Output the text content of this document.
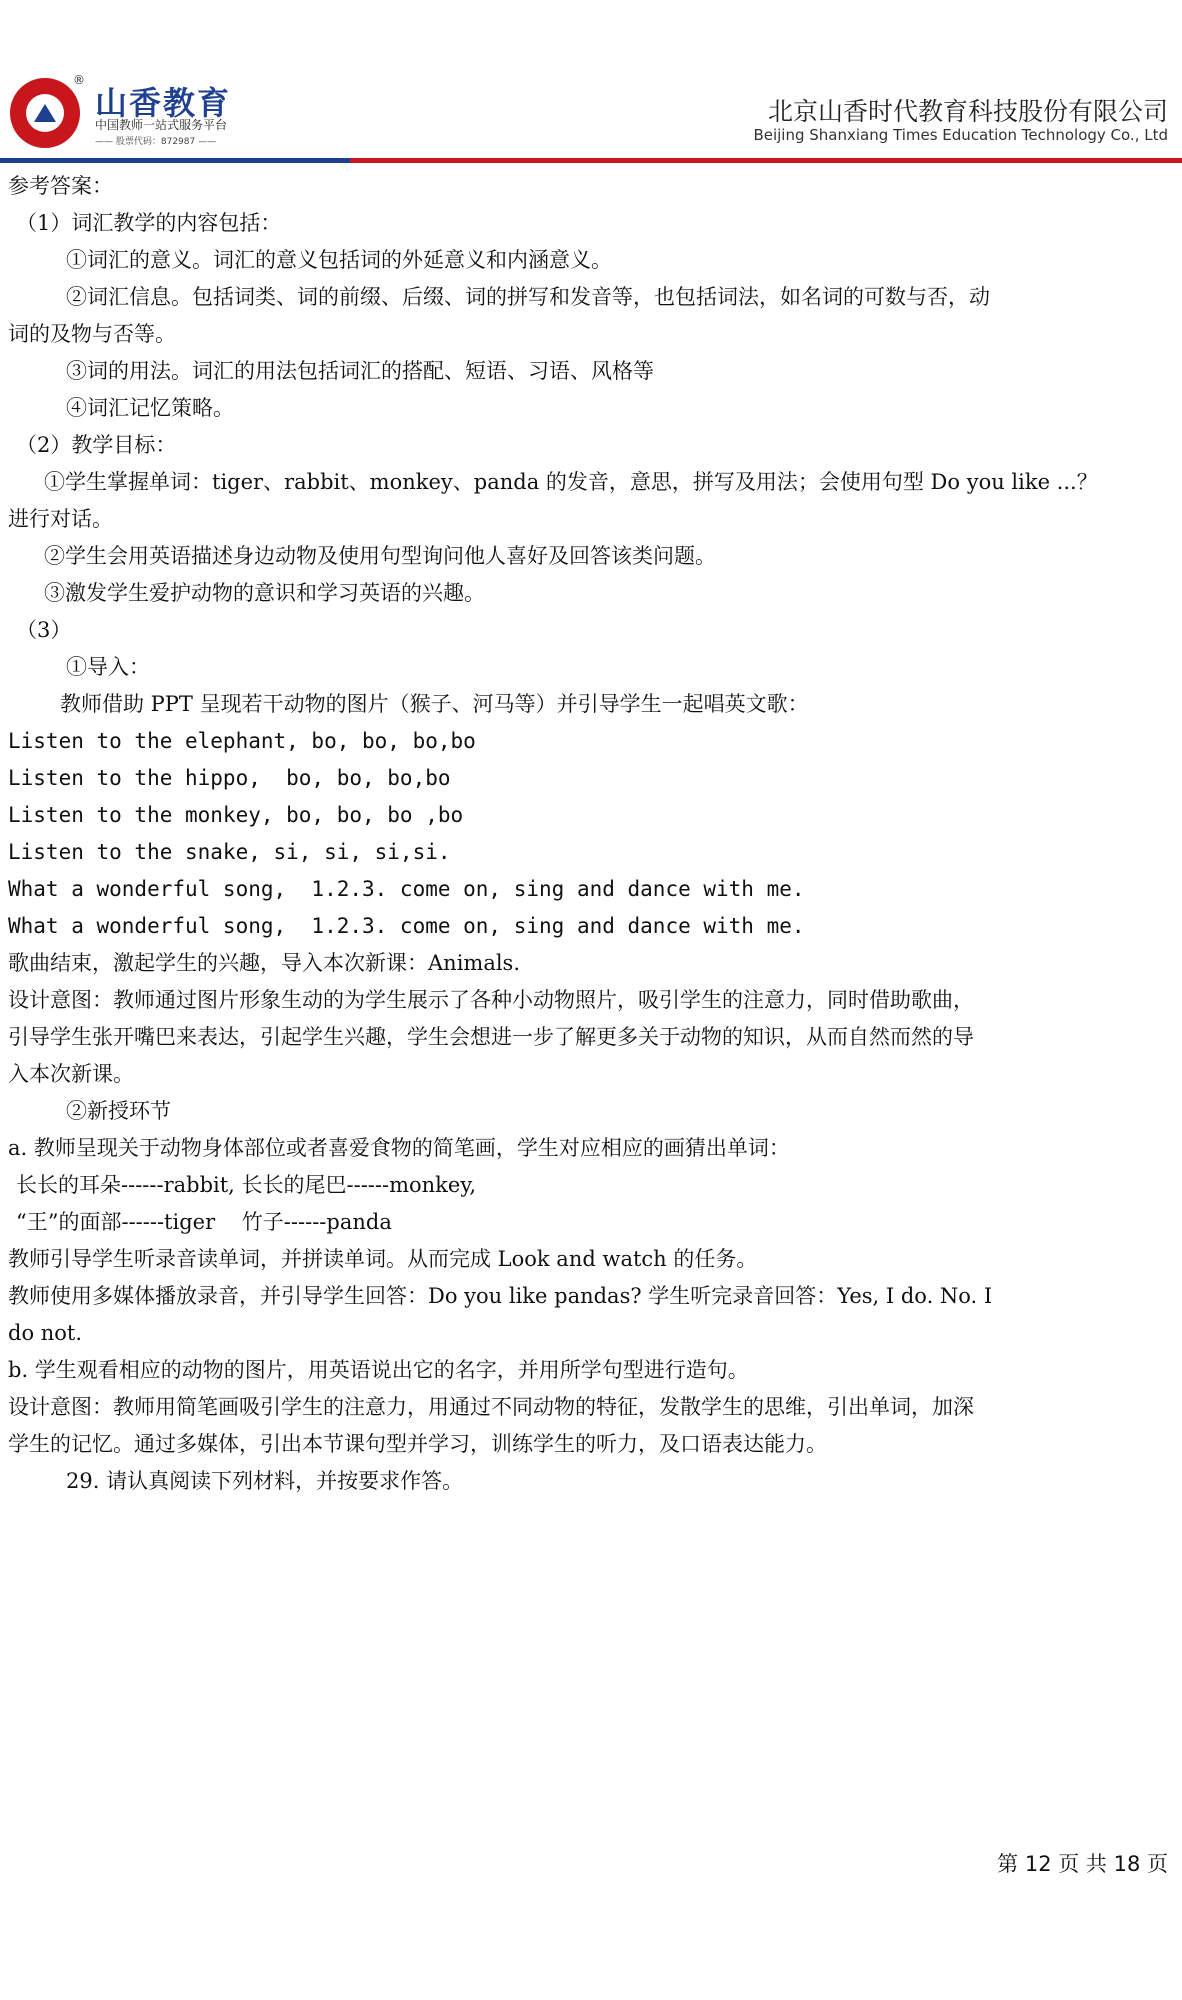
®
山香教育
中国教师一站式服务平台
—— 股票代码：872987 ——
北京山香时代教育科技股份有限公司
Beijing Shanxiang Times Education Technology Co., Ltd

参考答案：

（1）词汇教学的内容包括：

①词汇的意义。词汇的意义包括词的外延意义和内涵意义。

②词汇信息。包括词类、词的前缀、后缀、词的拼写和发音等，也包括词法，如名词的可数与否，动

词的及物与否等。

③词的用法。词汇的用法包括词汇的搭配、短语、习语、风格等

④词汇记忆策略。

（2）教学目标：

①学生掌握单词：tiger、rabbit、monkey、panda 的发音，意思，拼写及用法；会使用句型 Do you like ...？

进行对话。

②学生会用英语描述身边动物及使用句型询问他人喜好及回答该类问题。

③激发学生爱护动物的意识和学习英语的兴趣。

（3）

①导入：

教师借助 PPT 呈现若干动物的图片（猴子、河马等）并引导学生一起唱英文歌：

Listen to the elephant, bo, bo, bo,bo

Listen to the hippo,  bo, bo, bo,bo

Listen to the monkey, bo, bo, bo ,bo

Listen to the snake, si, si, si,si.

What a wonderful song,  1.2.3. come on, sing and dance with me.

What a wonderful song,  1.2.3. come on, sing and dance with me.

歌曲结束，激起学生的兴趣，导入本次新课：Animals.

设计意图：教师通过图片形象生动的为学生展示了各种小动物照片，吸引学生的注意力，同时借助歌曲，

引导学生张开嘴巴来表达，引起学生兴趣，学生会想进一步了解更多关于动物的知识，从而自然而然的导

入本次新课。

②新授环节

a. 教师呈现关于动物身体部位或者喜爱食物的简笔画，学生对应相应的画猜出单词：

长长的耳朵------rabbit, 长长的尾巴------monkey,

“王”的面部------tiger    竹子------panda

教师引导学生听录音读单词，并拼读单词。从而完成 Look and watch 的任务。

教师使用多媒体播放录音，并引导学生回答：Do you like pandas? 学生听完录音回答：Yes, I do. No. I

do not.

b. 学生观看相应的动物的图片，用英语说出它的名字，并用所学句型进行造句。

设计意图：教师用简笔画吸引学生的注意力，用通过不同动物的特征，发散学生的思维，引出单词，加深

学生的记忆。通过多媒体，引出本节课句型并学习，训练学生的听力，及口语表达能力。

29. 请认真阅读下列材料，并按要求作答。

第 12 页 共 18 页
